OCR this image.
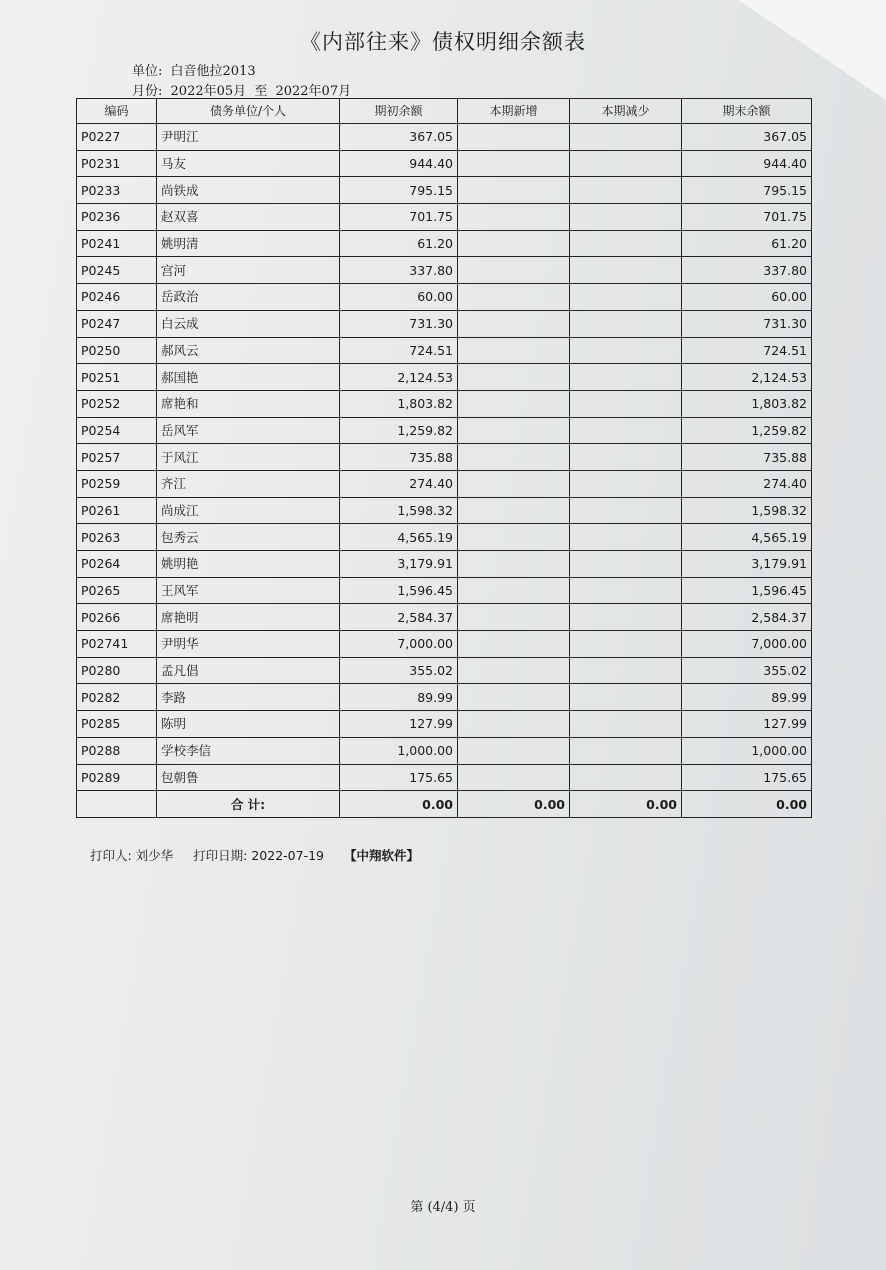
《内部往来》债权明细余额表
单位: 白音他拉2013
月份: 2022年05月 至 2022年07月
编码	债务单位/个人	期初余额	本期新增	本期减少	期末余额
P0227	尹明江	367.05			367.05
P0231	马友	944.40			944.40
P0233	尚铁成	795.15			795.15
P0236	赵双喜	701.75			701.75
P0241	姚明清	61.20			61.20
P0245	宫河	337.80			337.80
P0246	岳政治	60.00			60.00
P0247	白云成	731.30			731.30
P0250	郝风云	724.51			724.51
P0251	郝国艳	2,124.53			2,124.53
P0252	席艳和	1,803.82			1,803.82
P0254	岳风军	1,259.82			1,259.82
P0257	于风江	735.88			735.88
P0259	齐江	274.40			274.40
P0261	尚成江	1,598.32			1,598.32
P0263	包秀云	4,565.19			4,565.19
P0264	姚明艳	3,179.91			3,179.91
P0265	王风军	1,596.45			1,596.45
P0266	席艳明	2,584.37			2,584.37
P02741	尹明华	7,000.00			7,000.00
P0280	孟凡倡	355.02			355.02
P0282	李路	89.99			89.99
P0285	陈明	127.99			127.99
P0288	学校李信	1,000.00			1,000.00
P0289	包朝鲁	175.65			175.65
	合 计:	0.00	0.00	0.00	0.00
打印人: 刘少华 打印日期: 2022-07-19 【中翔软件】
第 (4/4) 页
